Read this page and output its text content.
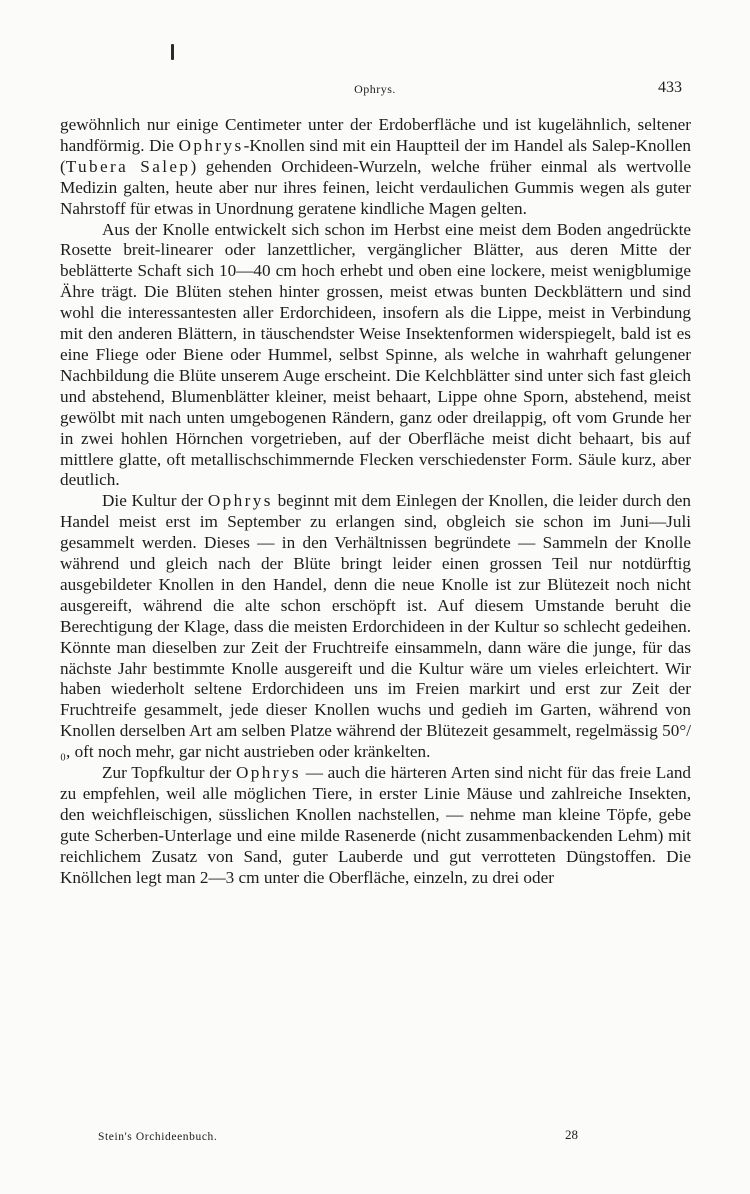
Ophrys.	433

gewöhnlich nur einige Centimeter unter der Erdoberfläche und ist kugelähnlich, seltener handförmig. Die Ophrys-Knollen sind mit ein Hauptteil der im Handel als Salep-Knollen (Tubera Salep) gehenden Orchideen-Wurzeln, welche früher einmal als wertvolle Medizin galten, heute aber nur ihres feinen, leicht verdaulichen Gummis wegen als guter Nahrstoff für etwas in Unordnung geratene kindliche Magen gelten.

Aus der Knolle entwickelt sich schon im Herbst eine meist dem Boden angedrückte Rosette breit-linearer oder lanzettlicher, vergänglicher Blätter, aus deren Mitte der beblätterte Schaft sich 10—40 cm hoch erhebt und oben eine lockere, meist wenigblumige Ähre trägt. Die Blüten stehen hinter grossen, meist etwas bunten Deckblättern und sind wohl die interessantesten aller Erdorchideen, insofern als die Lippe, meist in Verbindung mit den anderen Blättern, in täuschendster Weise Insektenformen widerspiegelt, bald ist es eine Fliege oder Biene oder Hummel, selbst Spinne, als welche in wahrhaft gelungener Nachbildung die Blüte unserem Auge erscheint. Die Kelchblätter sind unter sich fast gleich und abstehend, Blumenblätter kleiner, meist behaart, Lippe ohne Sporn, abstehend, meist gewölbt mit nach unten umgebogenen Rändern, ganz oder dreilappig, oft vom Grunde her in zwei hohlen Hörnchen vorgetrieben, auf der Oberfläche meist dicht behaart, bis auf mittlere glatte, oft metallischschimmernde Flecken verschiedenster Form. Säule kurz, aber deutlich.

Die Kultur der Ophrys beginnt mit dem Einlegen der Knollen, die leider durch den Handel meist erst im September zu erlangen sind, obgleich sie schon im Juni—Juli gesammelt werden. Dieses — in den Verhältnissen begründete — Sammeln der Knolle während und gleich nach der Blüte bringt leider einen grossen Teil nur notdürftig ausgebildeter Knollen in den Handel, denn die neue Knolle ist zur Blütezeit noch nicht ausgereift, während die alte schon erschöpft ist. Auf diesem Umstande beruht die Berechtigung der Klage, dass die meisten Erdorchideen in der Kultur so schlecht gedeihen. Könnte man dieselben zur Zeit der Fruchtreife einsammeln, dann wäre die junge, für das nächste Jahr bestimmte Knolle ausgereift und die Kultur wäre um vieles erleichtert. Wir haben wiederholt seltene Erdorchideen uns im Freien markirt und erst zur Zeit der Fruchtreife gesammelt, jede dieser Knollen wuchs und gedieh im Garten, während von Knollen derselben Art am selben Platze während der Blütezeit gesammelt, regelmässig 50°/₀, oft noch mehr, gar nicht austrieben oder kränkelten.

Zur Topfkultur der Ophrys — auch die härteren Arten sind nicht für das freie Land zu empfehlen, weil alle möglichen Tiere, in erster Linie Mäuse und zahlreiche Insekten, den weichfleischigen, süsslichen Knollen nachstellen, — nehme man kleine Töpfe, gebe gute Scherben-Unterlage und eine milde Rasenerde (nicht zusammenbackenden Lehm) mit reichlichem Zusatz von Sand, guter Lauberde und gut verrotteten Düngstoffen. Die Knöllchen legt man 2—3 cm unter die Oberfläche, einzeln, zu drei oder

Stein's Orchideenbuch.	28
